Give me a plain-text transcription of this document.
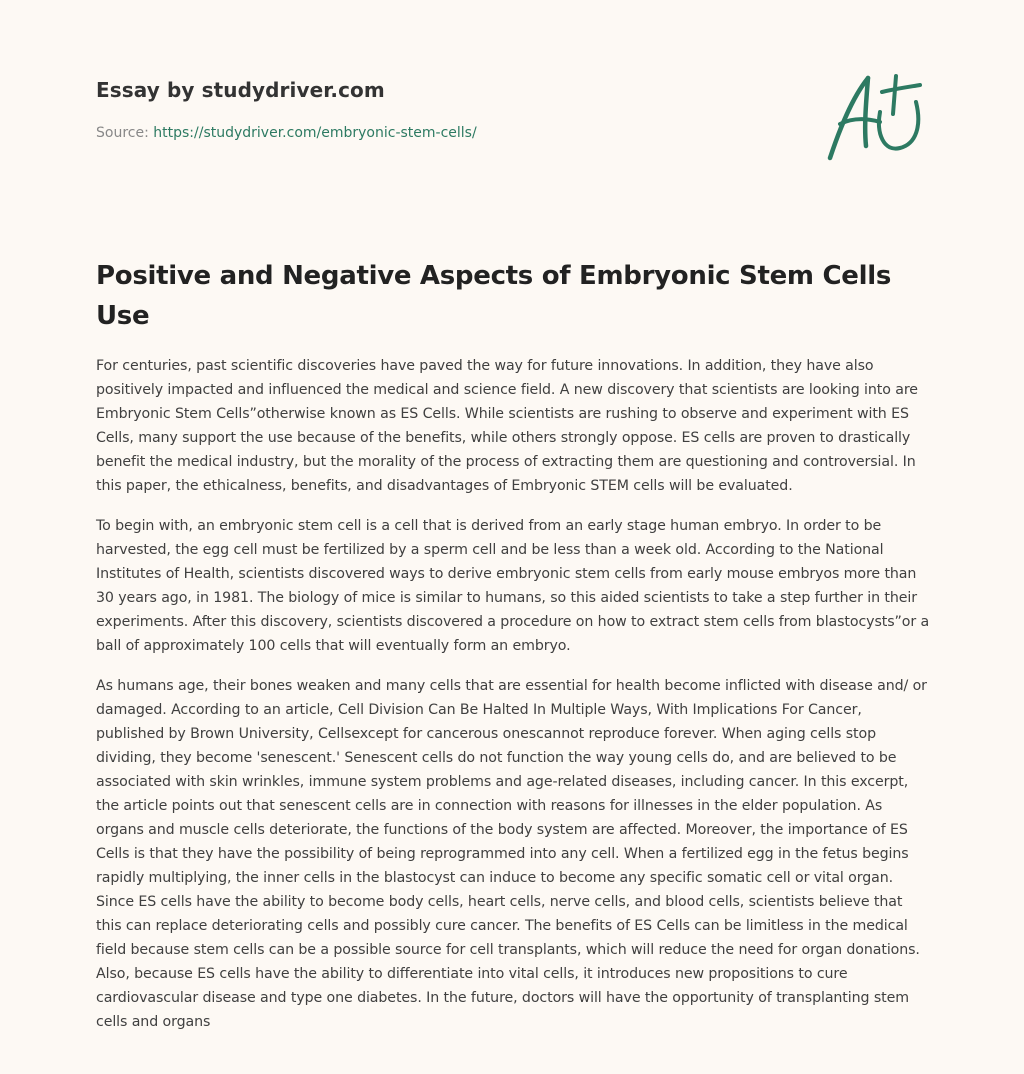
Essay by studydriver.com
Source: https://studydriver.com/embryonic-stem-cells/
Positive and Negative Aspects of Embryonic Stem Cells Use

For centuries, past scientific discoveries have paved the way for future innovations. In addition, they have also positively impacted and influenced the medical and science field. A new discovery that scientists are looking into are Embryonic Stem Cells”otherwise known as ES Cells. While scientists are rushing to observe and experiment with ES Cells, many support the use because of the benefits, while others strongly oppose. ES cells are proven to drastically benefit the medical industry, but the morality of the process of extracting them are questioning and controversial. In this paper, the ethicalness, benefits, and disadvantages of Embryonic STEM cells will be evaluated.

To begin with, an embryonic stem cell is a cell that is derived from an early stage human embryo. In order to be harvested, the egg cell must be fertilized by a sperm cell and be less than a week old. According to the National Institutes of Health, scientists discovered ways to derive embryonic stem cells from early mouse embryos more than 30 years ago, in 1981. The biology of mice is similar to humans, so this aided scientists to take a step further in their experiments. After this discovery, scientists discovered a procedure on how to extract stem cells from blastocysts”or a ball of approximately 100 cells that will eventually form an embryo.

As humans age, their bones weaken and many cells that are essential for health become inflicted with disease and/ or damaged. According to an article, Cell Division Can Be Halted In Multiple Ways, With Implications For Cancer, published by Brown University, Cellsexcept for cancerous onescannot reproduce forever. When aging cells stop dividing, they become 'senescent.' Senescent cells do not function the way young cells do, and are believed to be associated with skin wrinkles, immune system problems and age-related diseases, including cancer. In this excerpt, the article points out that senescent cells are in connection with reasons for illnesses in the elder population. As organs and muscle cells deteriorate, the functions of the body system are affected. Moreover, the importance of ES Cells is that they have the possibility of being reprogrammed into any cell. When a fertilized egg in the fetus begins rapidly multiplying, the inner cells in the blastocyst can induce to become any specific somatic cell or vital organ. Since ES cells have the ability to become body cells, heart cells, nerve cells, and blood cells, scientists believe that this can replace deteriorating cells and possibly cure cancer. The benefits of ES Cells can be limitless in the medical field because stem cells can be a possible source for cell transplants, which will reduce the need for organ donations. Also, because ES cells have the ability to differentiate into vital cells, it introduces new propositions to cure cardiovascular disease and type one diabetes. In the future, doctors will have the opportunity of transplanting stem cells and organs
